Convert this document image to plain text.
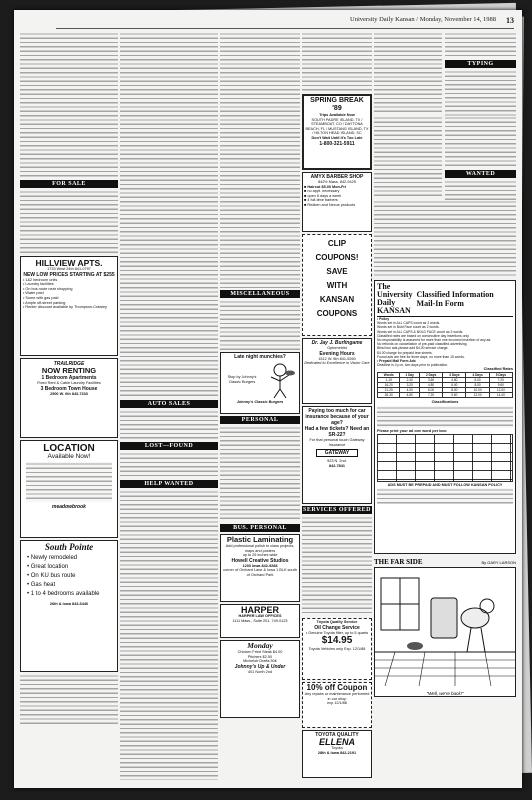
University Daily Kansan / Monday, November 14, 1988 13
FOR SALE
HILLVIEW APTS.
1733 West 24th 841-0797
NEW LOW PRICES STARTING AT $255
• 1&2 bedroom units
• Laundry facilities
• On bus route near shopping
• Water paid
• Some with gas paid
• Ample off-street parking
• Renter discount available by Thompson-Crawley
TRAILRIDGE
NOW RENTING
1 Bedroom Apartments
Fixed Rent & Cable Laundry Facilities
3 Bedroom Town House
2500 W. 6th 843-7333
LOCATION
Available Now!
meadowbrook
South Pointe
• Newly remodeled
• Great location
• On KU bus route
• Gas heat
• 1 to 4 bedrooms available
26th & Iowa 843-6446
AUTO SALES
LOST—FOUND
HELP WANTED
MISCELLANEOUS
Late night munchies?
Stop by Johnny's Classic Burgers
Johnny's Classic Burgers
PERSONAL
BUS. PERSONAL
Plastic Laminating
Add professional polish to class projects, maps and posters
up to 25 inches wide
Howell Creative Studios
1203 Iowa 842-9288
corner of Orchard Lane & Iowa 1 BLK south of Orchard Park
HARPER
HARPER LAW OFFICES
1111 Mass., Suite 201, 749-0123
Monday
Chicken Fried Steak $4.00
Pitchers $2.50
Michelob Drafts 50¢
Johnny's Up & Under
401 North 2nd
SPRING BREAK '89
Trips Available Now
SOUTH PADRE ISLAND, TX / STEAMBOAT, CO / DAYTONA BEACH, FL / MUSTANG ISLAND, TX / HILTON HEAD ISLAND, SC
Don't Wait Until It's Too Late
1-800-321-5911
AMYX BARBER SHOP
842½ Mass. 842-9425
■ Haircut $5.00 Mon-Fri
■ no appt. necessary
■ open 6 days a week
■ 4 full-time barbers
■ Redken and Nexus products
CLIP
COUPONS!
SAVE
WITH
KANSAN
COUPONS
Dr. Jay J. Burlingame
Optometrist
Evening Hours
1512 W. 6th 841-5260
Dedicated to Excellence in Vision Care
Paying too much for car insurance because of your age?
Had a few tickets? Need an SR-22?
For that personal touch Gateway Insurance
GATEWAY
923 N. 2nd.
842-7841
SERVICES OFFERED
Toyota Quality Service
Oil Change Service
• Genuine Toyota filter, up to 5 quarts
$14.95
Toyota Vehicles only Exp. 12/1/88
10% off Coupon
Any repairs or maintenance performed in our shop
exp 12/1/88
TOYOTA QUALITY
ELLENA
Toyota
28th & Iowa 842-2191
TYPING
WANTED
The University Daily KANSAN
Classified Information Mail-In Form
• Policy
Words set in ALL CAPS count as 2 words.
Words set in Bold Face count as 2 words.
Words set in ALL CAPS & BOLD FACE count as 3 words.
Classified rates are based on consecutive day insertions only.
No responsibility is assumed for more than one incorrect insertion of any ad.
No refunds on cancellation of pre-paid classified advertising.
Blind box ads-please add $4.00 service charge.
$4.00 charge for prepaid tear sheets.
Found ads are free for three days, no more than 15 words.
• Prepaid Mail Form Ads
Deadline is 4 p.m. two days prior to publication.
Classified Rates
Words	1 Day	2 Days	3 Days	4 Days	5 Days
1-15	2.40	3.60	4.80	6.00	7.20
16-20	3.20	4.80	6.40	8.00	9.60
21-25	4.00	6.00	8.00	10.00	12.00
26-30	4.80	7.20	9.60	12.00	14.40
Classifications
Please print your ad one word per box:
ADS MUST BE PREPAID AND MUST FOLLOW KANSAN POLICY
THE FAR SIDE	By GARY LARSON
"Well, we're back!"
